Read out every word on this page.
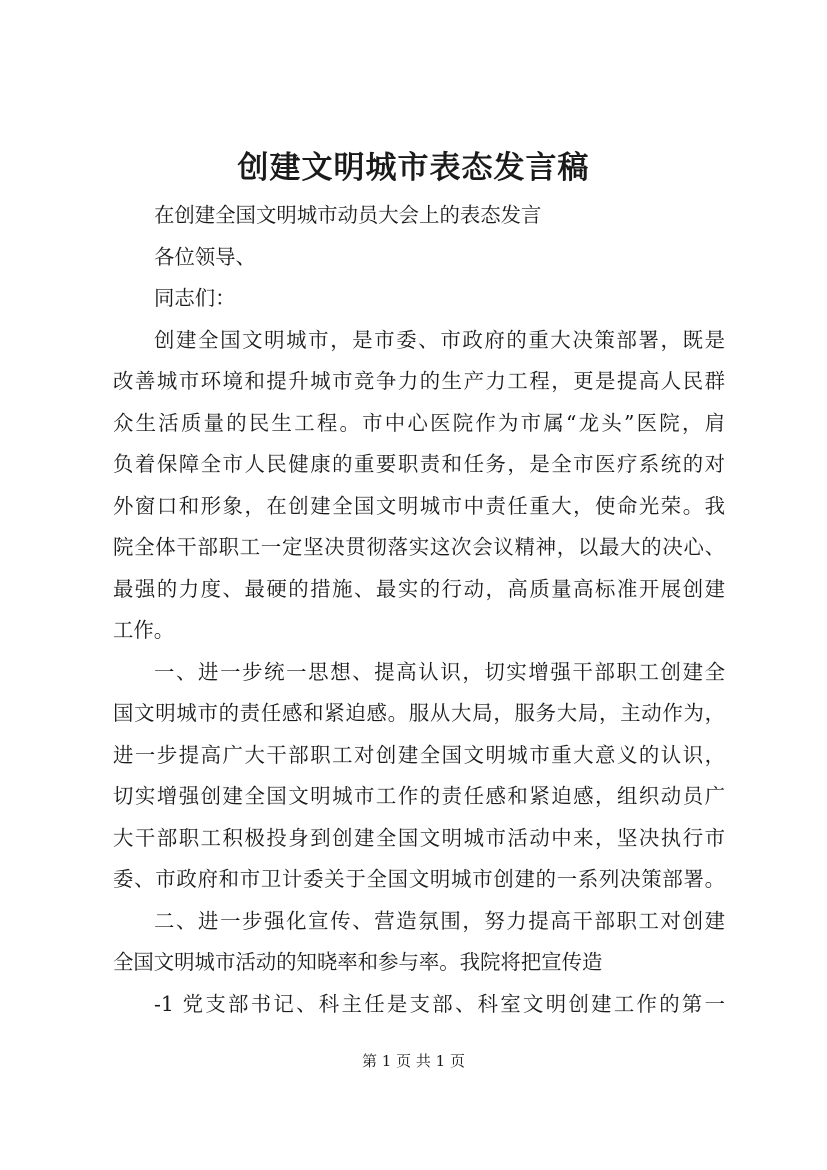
创建文明城市表态发言稿
在创建全国文明城市动员大会上的表态发言
各位领导、
同志们：
创建全国文明城市，是市委、市政府的重大决策部署，既是
改善城市环境和提升城市竞争力的生产力工程，更是提高人民群
众生活质量的民生工程。市中心医院作为市属“龙头”医院，肩
负着保障全市人民健康的重要职责和任务，是全市医疗系统的对
外窗口和形象，在创建全国文明城市中责任重大，使命光荣。我
院全体干部职工一定坚决贯彻落实这次会议精神，以最大的决心、
最强的力度、最硬的措施、最实的行动，高质量高标准开展创建
工作。
一、进一步统一思想、提高认识，切实增强干部职工创建全
国文明城市的责任感和紧迫感。服从大局，服务大局，主动作为，
进一步提高广大干部职工对创建全国文明城市重大意义的认识，
切实增强创建全国文明城市工作的责任感和紧迫感，组织动员广
大干部职工积极投身到创建全国文明城市活动中来，坚决执行市
委、市政府和市卫计委关于全国文明城市创建的一系列决策部署。
二、进一步强化宣传、营造氛围，努力提高干部职工对创建
全国文明城市活动的知晓率和参与率。我院将把宣传造
-1 党支部书记、科主任是支部、科室文明创建工作的第一
第 1 页 共 1 页
